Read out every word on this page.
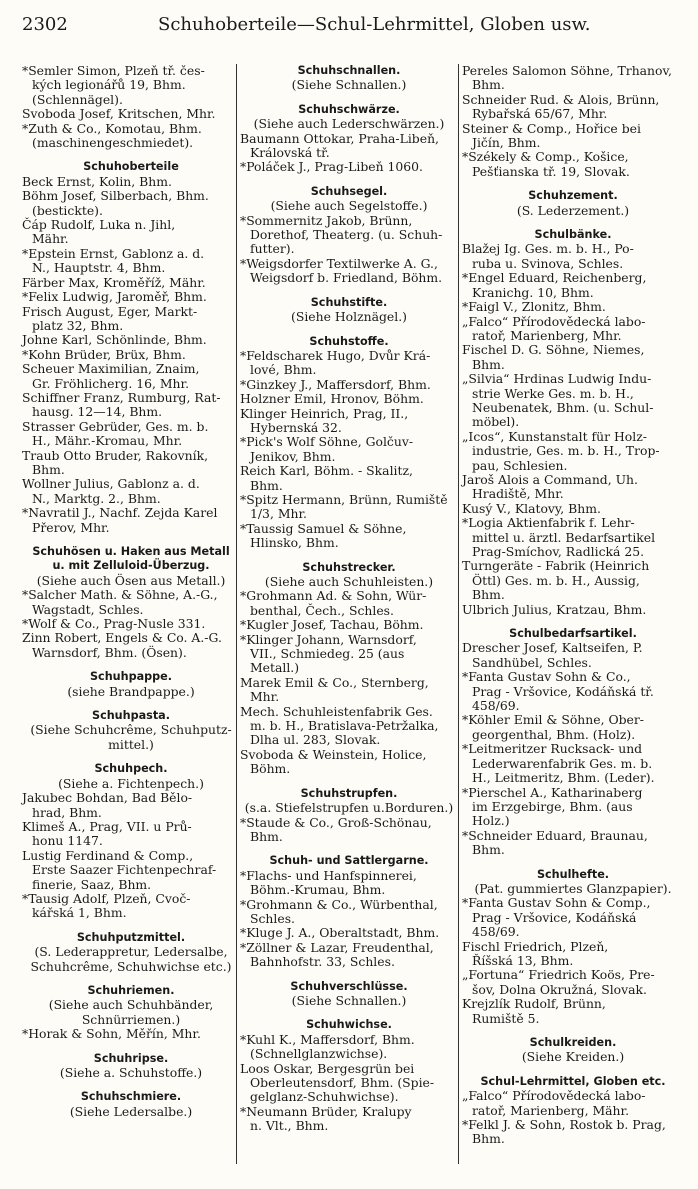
2302	Schuhoberteile—Schul-Lehrmittel, Globen usw.
*Semler Simon, Plzeň tř. čes-
kých legionářů 19, Bhm.
(Schlennägel).
Svoboda Josef, Kritschen, Mhr.
*Zuth & Co., Komotau, Bhm.
(maschinengeschmiedet).
Schuhoberteile
Beck Ernst, Kolin, Bhm.
Böhm Josef, Silberbach, Bhm.
(bestickte).
Čáp Rudolf, Luka n. Jihl,
Mähr.
*Epstein Ernst, Gablonz a. d.
N., Hauptstr. 4, Bhm.
Färber Max, Kroměříž, Mähr.
*Felix Ludwig, Jaroměř, Bhm.
Frisch August, Eger, Markt-
platz 32, Bhm.
Johne Karl, Schönlinde, Bhm.
*Kohn Brüder, Brüx, Bhm.
Scheuer Maximilian, Znaim,
Gr. Fröhlicherg. 16, Mhr.
Schiffner Franz, Rumburg, Rat-
hausg. 12—14, Bhm.
Strasser Gebrüder, Ges. m. b.
H., Mähr.-Kromau, Mhr.
Traub Otto Bruder, Rakovník,
Bhm.
Wollner Julius, Gablonz a. d.
N., Marktg. 2., Bhm.
*Navratil J., Nachf. Zejda Karel
Přerov, Mhr.
Schuhösen u. Haken aus Metall
u. mit Zelluloid-Überzug.
(Siehe auch Ösen aus Metall.)
*Salcher Math. & Söhne, A.-G.,
Wagstadt, Schles.
*Wolf & Co., Prag-Nusle 331.
Zinn Robert, Engels & Co. A.-G.
Warnsdorf, Bhm. (Ösen).
Schuhpappe.
(siehe Brandpappe.)
Schuhpasta.
(Siehe Schuhcrême, Schuhputz-
mittel.)
Schuhpech.
(Siehe a. Fichtenpech.)
Jakubec Bohdan, Bad Bělo-
hrad, Bhm.
Klimeš A., Prag, VII. u Prů-
honu 1147.
Lustig Ferdinand & Comp.,
Erste Saazer Fichtenpechraf-
finerie, Saaz, Bhm.
*Tausig Adolf, Plzeň, Cvoč-
kářská 1, Bhm.
Schuhputzmittel.
(S. Lederappretur, Ledersalbe,
Schuhcrême, Schuhwichse etc.)
Schuhriemen.
(Siehe auch Schuhbänder,
Schnürriemen.)
*Horak & Sohn, Měřín, Mhr.
Schuhripse.
(Siehe a. Schuhstoffe.)
Schuhschmiere.
(Siehe Ledersalbe.)
Schuhschnallen.
(Siehe Schnallen.)
Schuhschwärze.
(Siehe auch Lederschwärzen.)
Baumann Ottokar, Praha-Libeň,
Královská tř.
*Poláček J., Prag-Libeň 1060.
Schuhsegel.
(Siehe auch Segelstoffe.)
*Sommernitz Jakob, Brünn,
Dorethof, Theaterg. (u. Schuh-
futter).
*Weigsdorfer Textilwerke A. G.,
Weigsdorf b. Friedland, Böhm.
Schuhstifte.
(Siehe Holznägel.)
Schuhstoffe.
*Feldscharek Hugo, Dvůr Krá-
lové, Bhm.
*Ginzkey J., Maffersdorf, Bhm.
Holzner Emil, Hronov, Böhm.
Klinger Heinrich, Prag, II.,
Hybernská 32.
*Pick's Wolf Söhne, Golčuv-
Jenikov, Bhm.
Reich Karl, Böhm. - Skalitz,
Bhm.
*Spitz Hermann, Brünn, Rumiště
1/3, Mhr.
*Taussig Samuel & Söhne,
Hlinsko, Bhm.
Schuhstrecker.
(Siehe auch Schuhleisten.)
*Grohmann Ad. & Sohn, Wür-
benthal, Čech., Schles.
*Kugler Josef, Tachau, Böhm.
*Klinger Johann, Warnsdorf,
VII., Schmiedeg. 25 (aus
Metall.)
Marek Emil & Co., Sternberg,
Mhr.
Mech. Schuhleistenfabrik Ges.
m. b. H., Bratislava-Petržalka,
Dlha ul. 283, Slovak.
Svoboda & Weinstein, Holice,
Böhm.
Schuhstrupfen.
(s.a. Stiefelstrupfen u.Borduren.)
*Staude & Co., Groß-Schönau,
Bhm.
Schuh- und Sattlergarne.
*Flachs- und Hanfspinnerei,
Böhm.-Krumau, Bhm.
*Grohmann & Co., Würbenthal,
Schles.
*Kluge J. A., Oberaltstadt, Bhm.
*Zöllner & Lazar, Freudenthal,
Bahnhofstr. 33, Schles.
Schuhverschlüsse.
(Siehe Schnallen.)
Schuhwichse.
*Kuhl K., Maffersdorf, Bhm.
(Schnellglanzwichse).
Loos Oskar, Bergesgrün bei
Oberleutensdorf, Bhm. (Spie-
gelglanz-Schuhwichse).
*Neumann Brüder, Kralupy
n. Vlt., Bhm.
Pereles Salomon Söhne, Trhanov,
Bhm.
Schneider Rud. & Alois, Brünn,
Rybařská 65/67, Mhr.
Steiner & Comp., Hořice bei
Jičín, Bhm.
*Székely & Comp., Košice,
Pešťianska tř. 19, Slovak.
Schuhzement.
(S. Lederzement.)
Schulbänke.
Blažej Ig. Ges. m. b. H., Po-
ruba u. Svinova, Schles.
*Engel Eduard, Reichenberg,
Kranichg. 10, Bhm.
*Faigl V., Zlonitz, Bhm.
„Falco“ Přírodovědecká labo-
ratoř, Marienberg, Mhr.
Fischel D. G. Söhne, Niemes,
Bhm.
„Silvia“ Hrdinas Ludwig Indu-
strie Werke Ges. m. b. H.,
Neubenatek, Bhm. (u. Schul-
möbel).
„Icos“, Kunstanstalt für Holz-
industrie, Ges. m. b. H., Trop-
pau, Schlesien.
Jaroš Alois a Command, Uh.
Hradiště, Mhr.
Kusý V., Klatovy, Bhm.
*Logia Aktienfabrik f. Lehr-
mittel u. ärztl. Bedarfsartikel
Prag-Smíchov, Radlická 25.
Turngeräte - Fabrik (Heinrich
Öttl) Ges. m. b. H., Aussig,
Bhm.
Ulbrich Julius, Kratzau, Bhm.
Schulbedarfsartikel.
Drescher Josef, Kaltseifen, P.
Sandhübel, Schles.
*Fanta Gustav Sohn & Co.,
Prag - Vršovice, Kodáňská tř.
458/69.
*Köhler Emil & Söhne, Ober-
georgenthal, Bhm. (Holz).
*Leitmeritzer Rucksack- und
Lederwarenfabrik Ges. m. b.
H., Leitmeritz, Bhm. (Leder).
*Pierschel A., Katharinaberg
im Erzgebirge, Bhm. (aus
Holz.)
*Schneider Eduard, Braunau,
Bhm.
Schulhefte.
(Pat. gummiertes Glanzpapier).
*Fanta Gustav Sohn & Comp.,
Prag - Vršovice, Kodáňská
458/69.
Fischl Friedrich, Plzeň,
Říšská 13, Bhm.
„Fortuna“ Friedrich Koös, Pre-
šov, Dolna Okružná, Slovak.
Krejzlík Rudolf, Brünn,
Rumiště 5.
Schulkreiden.
(Siehe Kreiden.)
Schul-Lehrmittel, Globen etc.
„Falco“ Přírodovědecká labo-
ratoř, Marienberg, Mähr.
*Felkl J. & Sohn, Rostok b. Prag,
Bhm.
